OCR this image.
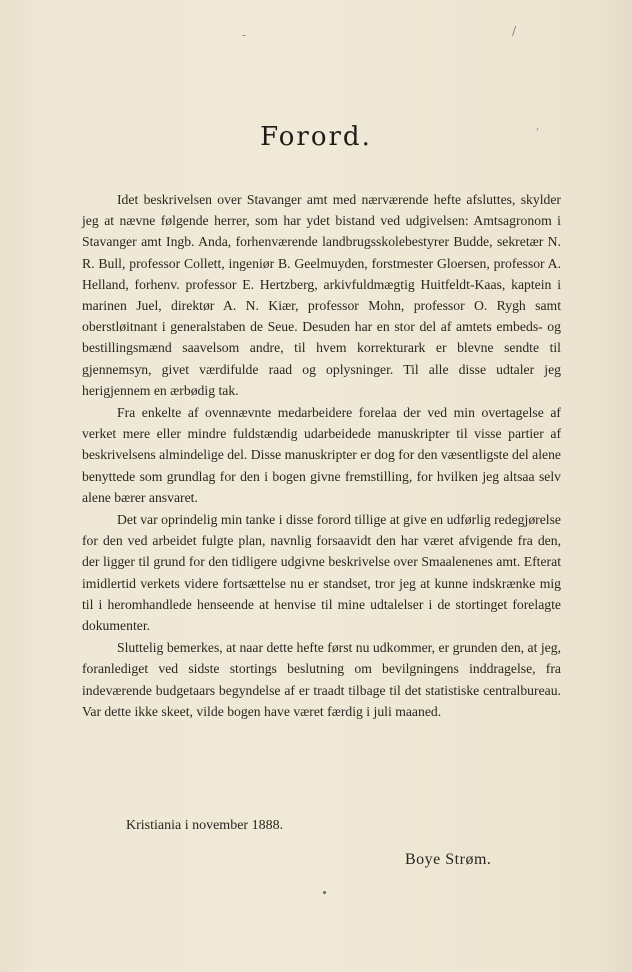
-	/
,
Forord.

Idet beskrivelsen over Stavanger amt med nærværende hefte afsluttes, skylder jeg at nævne følgende herrer, som har ydet bistand ved udgivelsen: Amtsagronom i Stavanger amt Ingb. Anda, forhenværende landbrugsskolebestyrer Budde, sekretær N. R. Bull, professor Collett, ingeniør B. Geelmuyden, forstmester Gloersen, professor A. Helland, forhenv. professor E. Hertzberg, arkivfuldmægtig Huitfeldt-Kaas, kaptein i marinen Juel, direktør A. N. Kiær, professor Mohn, professor O. Rygh samt oberstløitnant i generalstaben de Seue. Desuden har en stor del af amtets embeds- og bestillingsmænd saavelsom andre, til hvem korrekturark er blevne sendte til gjennemsyn, givet værdifulde raad og oplysninger. Til alle disse udtaler jeg herigjennem en ærbødig tak.

Fra enkelte af ovennævnte medarbeidere forelaa der ved min overtagelse af verket mere eller mindre fuldstændig udarbeidede manuskripter til visse partier af beskrivelsens almindelige del. Disse manuskripter er dog for den væsentligste del alene benyttede som grundlag for den i bogen givne fremstilling, for hvilken jeg altsaa selv alene bærer ansvaret.

Det var oprindelig min tanke i disse forord tillige at give en udførlig redegjørelse for den ved arbeidet fulgte plan, navnlig forsaavidt den har været afvigende fra den, der ligger til grund for den tidligere udgivne beskrivelse over Smaalenenes amt. Efterat imidlertid verkets videre fortsættelse nu er standset, tror jeg at kunne indskrænke mig til i heromhandlede henseende at henvise til mine udtalelser i de stortinget forelagte dokumenter.

Sluttelig bemerkes, at naar dette hefte først nu udkommer, er grunden den, at jeg, foranlediget ved sidste stortings beslutning om bevilgningens inddragelse, fra indeværende budgetaars begyndelse af er traadt tilbage til det statistiske centralbureau. Var dette ikke skeet, vilde bogen have været færdig i juli maaned.

Kristiania i november 1888.
Boye Strøm.
